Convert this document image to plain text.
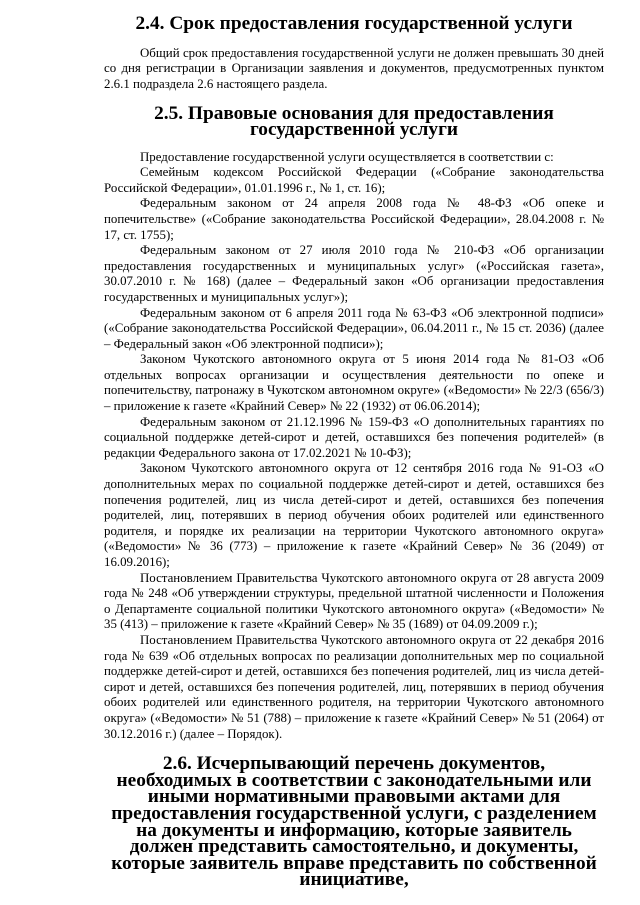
2.4. Срок предоставления государственной услуги

Общий срок предоставления государственной услуги не должен превышать 30 дней со дня регистрации в Организации заявления и документов, предусмотренных пунктом 2.6.1 подраздела 2.6 настоящего раздела.

2.5. Правовые основания для предоставления государственной услуги

Предоставление государственной услуги осуществляется в соответствии с:

Семейным кодексом Российской Федерации («Собрание законодательства Российской Федерации», 01.01.1996 г., № 1, ст. 16);

Федеральным законом от 24 апреля 2008 года № 48-ФЗ «Об опеке и попечительстве» («Собрание законодательства Российской Федерации», 28.04.2008 г. № 17, ст. 1755);

Федеральным законом от 27 июля 2010 года № 210-ФЗ «Об организации предоставления государственных и муниципальных услуг» («Российская газета», 30.07.2010 г. № 168) (далее – Федеральный закон «Об организации предоставления государственных и муниципальных услуг»);

Федеральным законом от 6 апреля 2011 года № 63-ФЗ «Об электронной подписи» («Собрание законодательства Российской Федерации», 06.04.2011 г., № 15 ст. 2036) (далее – Федеральный закон «Об электронной подписи»);

Законом Чукотского автономного округа от 5 июня 2014 года № 81-ОЗ «Об отдельных вопросах организации и осуществления деятельности по опеке и попечительству, патронажу в Чукотском автономном округе» («Ведомости» № 22/3 (656/3) – приложение к газете «Крайний Север» № 22 (1932) от 06.06.2014);

Федеральным законом от 21.12.1996 № 159-ФЗ «О дополнительных гарантиях по социальной поддержке детей-сирот и детей, оставшихся без попечения родителей» (в редакции Федерального закона от 17.02.2021 № 10-ФЗ);

Законом Чукотского автономного округа от 12 сентября 2016 года № 91-ОЗ «О дополнительных мерах по социальной поддержке детей-сирот и детей, оставшихся без попечения родителей, лиц из числа детей-сирот и детей, оставшихся без попечения родителей, лиц, потерявших в период обучения обоих родителей или единственного родителя, и порядке их реализации на территории Чукотского автономного округа» («Ведомости» № 36 (773) – приложение к газете «Крайний Север» № 36 (2049) от 16.09.2016);

Постановлением Правительства Чукотского автономного округа от 28 августа 2009 года № 248 «Об утверждении структуры, предельной штатной численности и Положения о Департаменте социальной политики Чукотского автономного округа» («Ведомости» № 35 (413) – приложение к газете «Крайний Север» № 35 (1689) от 04.09.2009 г.);

Постановлением Правительства Чукотского автономного округа от 22 декабря 2016 года № 639 «Об отдельных вопросах по реализации дополнительных мер по социальной поддержке детей-сирот и детей, оставшихся без попечения родителей, лиц из числа детей-сирот и детей, оставшихся без попечения родителей, лиц, потерявших в период обучения обоих родителей или единственного родителя, на территории Чукотского автономного округа» («Ведомости» № 51 (788) – приложение к газете «Крайний Север» № 51 (2064) от 30.12.2016 г.) (далее – Порядок).

2.6. Исчерпывающий перечень документов, необходимых в соответствии с законодательными или иными нормативными правовыми актами для предоставления государственной услуги, с разделением на документы и информацию, которые заявитель должен представить самостоятельно, и документы, которые заявитель вправе представить по собственной инициативе,
